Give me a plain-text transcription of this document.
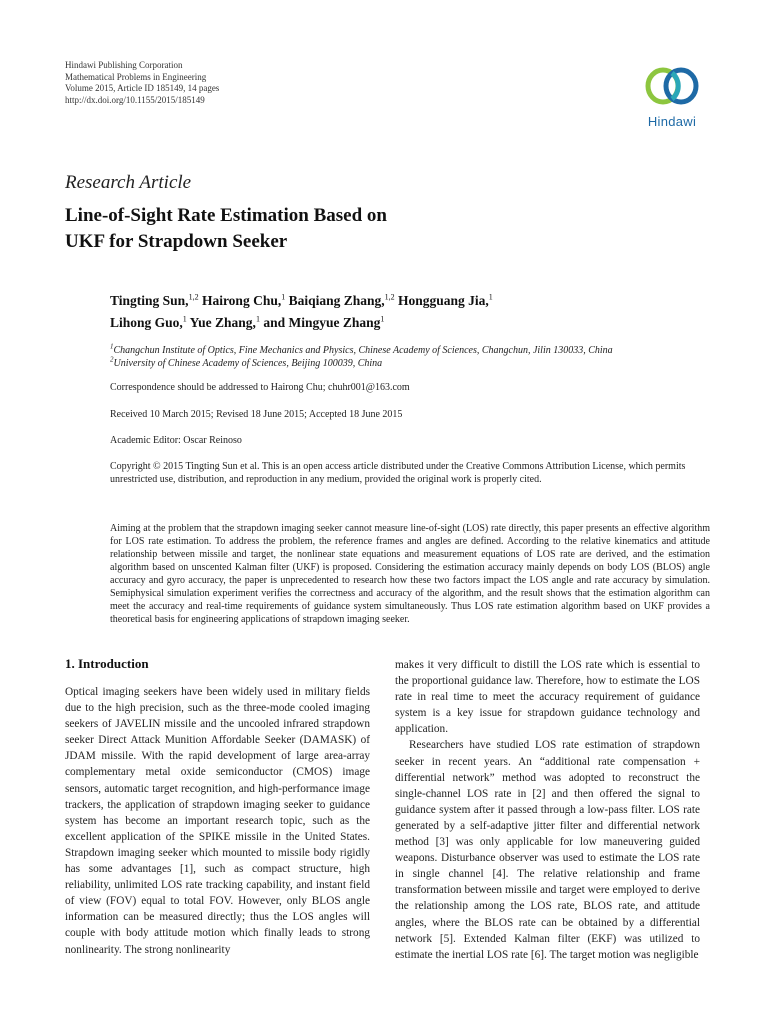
Hindawi Publishing Corporation
Mathematical Problems in Engineering
Volume 2015, Article ID 185149, 14 pages
http://dx.doi.org/10.1155/2015/185149
Hindawi
Research Article
Line-of-Sight Rate Estimation Based on
UKF for Strapdown Seeker
Tingting Sun,$^{1,2}$ Hairong Chu,$^1$ Baiqiang Zhang,$^{1,2}$ Hongguang Jia,$^1$
Lihong Guo,$^1$ Yue Zhang,$^1$ and Mingyue Zhang$^1$
$^1$Changchun Institute of Optics, Fine Mechanics and Physics, Chinese Academy of Sciences, Changchun, Jilin 130033, China
$^2$University of Chinese Academy of Sciences, Beijing 100039, China
Correspondence should be addressed to Hairong Chu; chuhr001@163.com
Received 10 March 2015; Revised 18 June 2015; Accepted 18 June 2015
Academic Editor: Oscar Reinoso
Copyright © 2015 Tingting Sun et al. This is an open access article distributed under the Creative Commons Attribution License, which permits unrestricted use, distribution, and reproduction in any medium, provided the original work is properly cited.
Aiming at the problem that the strapdown imaging seeker cannot measure line-of-sight (LOS) rate directly, this paper presents an effective algorithm for LOS rate estimation. To address the problem, the reference frames and angles are defined. According to the relative kinematics and attitude relationship between missile and target, the nonlinear state equations and measurement equations of LOS rate are derived, and the estimation algorithm based on unscented Kalman filter (UKF) is proposed. Considering the estimation accuracy mainly depends on body LOS (BLOS) angle accuracy and gyro accuracy, the paper is unprecedented to research how these two factors impact the LOS angle and rate accuracy by simulation. Semiphysical simulation experiment verifies the correctness and accuracy of the algorithm, and the result shows that the estimation algorithm can meet the accuracy and real-time requirements of guidance system simultaneously. Thus LOS rate estimation algorithm based on UKF provides a theoretical basis for engineering applications of strapdown imaging seeker.
1. Introduction

Optical imaging seekers have been widely used in military fields due to the high precision, such as the three-mode cooled imaging seekers of JAVELIN missile and the uncooled infrared strapdown seeker Direct Attack Munition Affordable Seeker (DAMASK) of JDAM missile. With the rapid development of large area-array complementary metal oxide semiconductor (CMOS) image sensors, automatic target recognition, and high-performance image trackers, the application of strapdown imaging seeker to guidance system has become an important research topic, such as the excellent application of the SPIKE missile in the United States. Strapdown imaging seeker which mounted to missile body rigidly has some advantages [1], such as compact structure, high reliability, unlimited LOS rate tracking capability, and instant field of view (FOV) equal to total FOV. However, only BLOS angle information can be measured directly; thus the LOS angles will couple with body attitude motion which finally leads to strong nonlinearity. The strong nonlinearity

makes it very difficult to distill the LOS rate which is essential to the proportional guidance law. Therefore, how to estimate the LOS rate in real time to meet the accuracy requirement of guidance system is a key issue for strapdown guidance technology and application.

Researchers have studied LOS rate estimation of strapdown seeker in recent years. An “additional rate compensation + differential network” method was adopted to reconstruct the single-channel LOS rate in [2] and then offered the signal to guidance system after it passed through a low-pass filter. LOS rate generated by a self-adaptive jitter filter and differential network method [3] was only applicable for low maneuvering guided weapons. Disturbance observer was used to estimate the LOS rate in single channel [4]. The relative relationship and frame transformation between missile and target were employed to derive the relationship among the LOS rate, BLOS rate, and attitude angles, where the BLOS rate can be obtained by a differential network [5]. Extended Kalman filter (EKF) was utilized to estimate the inertial LOS rate [6]. The target motion was negligible
